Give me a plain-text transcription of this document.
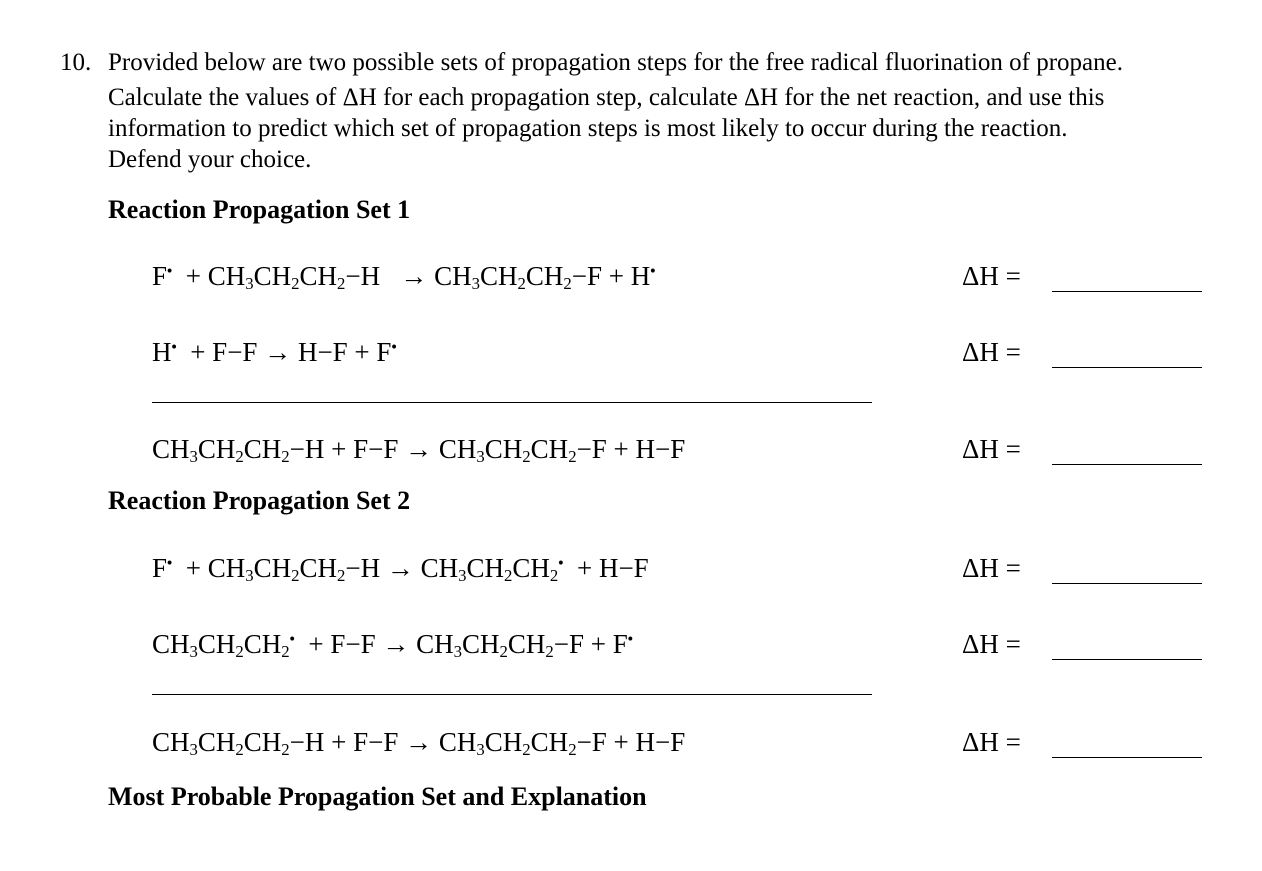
10. Provided below are two possible sets of propagation steps for the free radical fluorination of propane.
Calculate the values of ΔH for each propagation step, calculate ΔH for the net reaction, and use this
information to predict which set of propagation steps is most likely to occur during the reaction.
Defend your choice.
Reaction Propagation Set 1
$F^• + CH_3CH_2CH_2-H \to CH_3CH_2CH_2-F + H^•$	ΔH =
H• + F−F → H−F + F•	ΔH =
$CH_3CH_2CH_2-H + F-F \to CH_3CH_2CH_2-F + H-F$	ΔH =
Reaction Propagation Set 2
$F^• + CH_3CH_2CH_2-H \to CH_3CH_2CH_2^• + H-F$	ΔH =
$CH_3CH_2CH_2^• + F-F \to CH_3CH_2CH_2-F + F^•$	ΔH =
$CH_3CH_2CH_2-H + F-F \to CH_3CH_2CH_2-F + H-F$	ΔH =
Most Probable Propagation Set and Explanation
